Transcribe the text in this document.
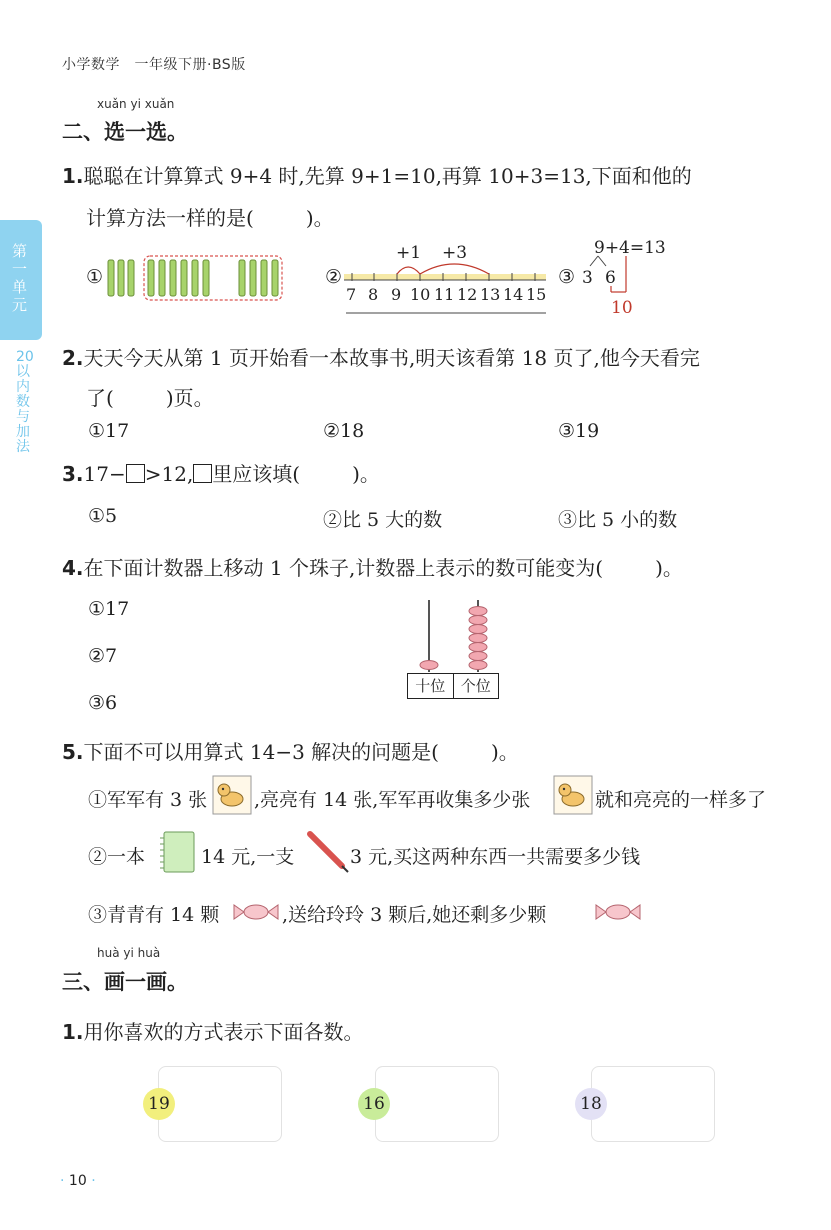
小学数学　一年级下册·BS版
第一单元
20以内数与加法
xuǎn yi xuǎn
二、选一选。
1.聪聪在计算算式 9+4 时,先算 9+1=10,再算 10+3=13,下面和他的
计算方法一样的是(	)。
①	②
+1 +3
7 8 9 10 11 12 13 14 15
③
9+4=13
3 6
10
2.天天今天从第 1 页开始看一本故事书,明天该看第 18 页了,他今天看完
了(	)页。
①17	②18	③19
3.17− >12, 里应该填(	)。
①5	②比 5 大的数	③比 5 小的数
4.在下面计数器上移动 1 个珠子,计数器上表示的数可能变为(	)。
①17
②7
③6
十位	个位
5.下面不可以用算式 14−3 解决的问题是(	)。
①军军有 3 张 ,亮亮有 14 张,军军再收集多少张	就和亮亮的一样多了
②一本	14 元,一支	3 元,买这两种东西一共需要多少钱
③青青有 14 颗	,送给玲玲 3 颗后,她还剩多少颗
huà yi huà
三、画一画。
1.用你喜欢的方式表示下面各数。
19	16	18
· 10 ·
